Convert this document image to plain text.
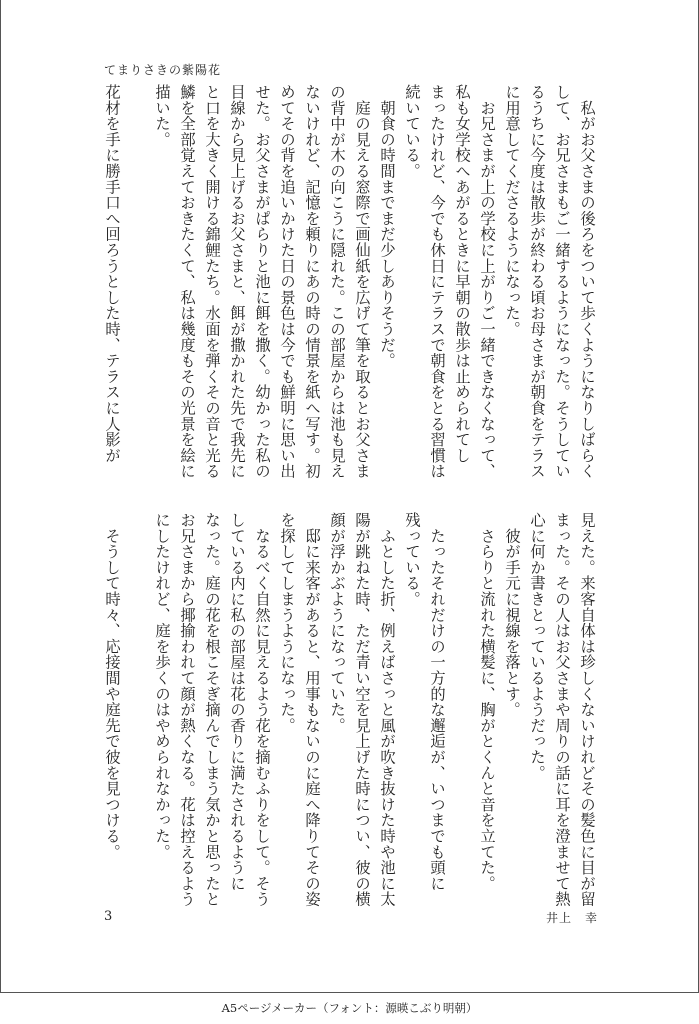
てまりさきの紫陽花
　私がお父さまの後ろをついて歩くようになりしばらく
して、お兄さまもご一緒するようになった。そうしてい
るうちに今度は散歩が終わる頃お母さまが朝食をテラス
に用意してくださるようになった。
　お兄さまが上の学校に上がりご一緒できなくなって、
私も女学校へあがるときに早朝の散歩は止められてし
まったけれど、今でも休日にテラスで朝食をとる習慣は
続いている。
　朝食の時間までまだ少しありそうだ。
　庭の見える窓際で画仙紙を広げて筆を取るとお父さま
の背中が木の向こうに隠れた。この部屋からは池も見え
ないけれど、記憶を頼りにあの時の情景を紙へ写す。初
めてその背を追いかけた日の景色は今でも鮮明に思い出
せた。お父さまがぱらりと池に餌を撒く。幼かった私の
目線から見上げるお父さまと、餌が撒かれた先で我先に
と口を大きく開ける錦鯉たち。水面を弾くその音と光る
鱗を全部覚えておきたくて、私は幾度もその光景を絵に
描いた。
花材を手に勝手口へ回ろうとした時、テラスに人影が
見えた。来客自体は珍しくないけれどその髪色に目が留
まった。その人はお父さまや周りの話に耳を澄ませて熱
心に何か書きとっているようだった。
　彼が手元に視線を落とす。
　さらりと流れた横髪に、胸がとくんと音を立てた。
　たったそれだけの一方的な邂逅が、いつまでも頭に
残っている。
　ふとした折、例えばさっと風が吹き抜けた時や池に太
陽が跳ねた時、ただ青い空を見上げた時につい、彼の横
顔が浮かぶようになっていた。
　邸に来客があると、用事もないのに庭へ降りてその姿
を探してしまうようになった。
　なるべく自然に見えるよう花を摘むふりをして。そう
している内に私の部屋は花の香りに満たされるように
なった。庭の花を根こそぎ摘んでしまう気かと思ったと
お兄さまから揶揄われて顔が熱くなる。花は控えるよう
にしたけれど、庭を歩くのはやめられなかった。
　そうして時々、応接間や庭先で彼を見つける。
3	井上　幸
A5ページメーカー（フォント：源暎こぶり明朝）
